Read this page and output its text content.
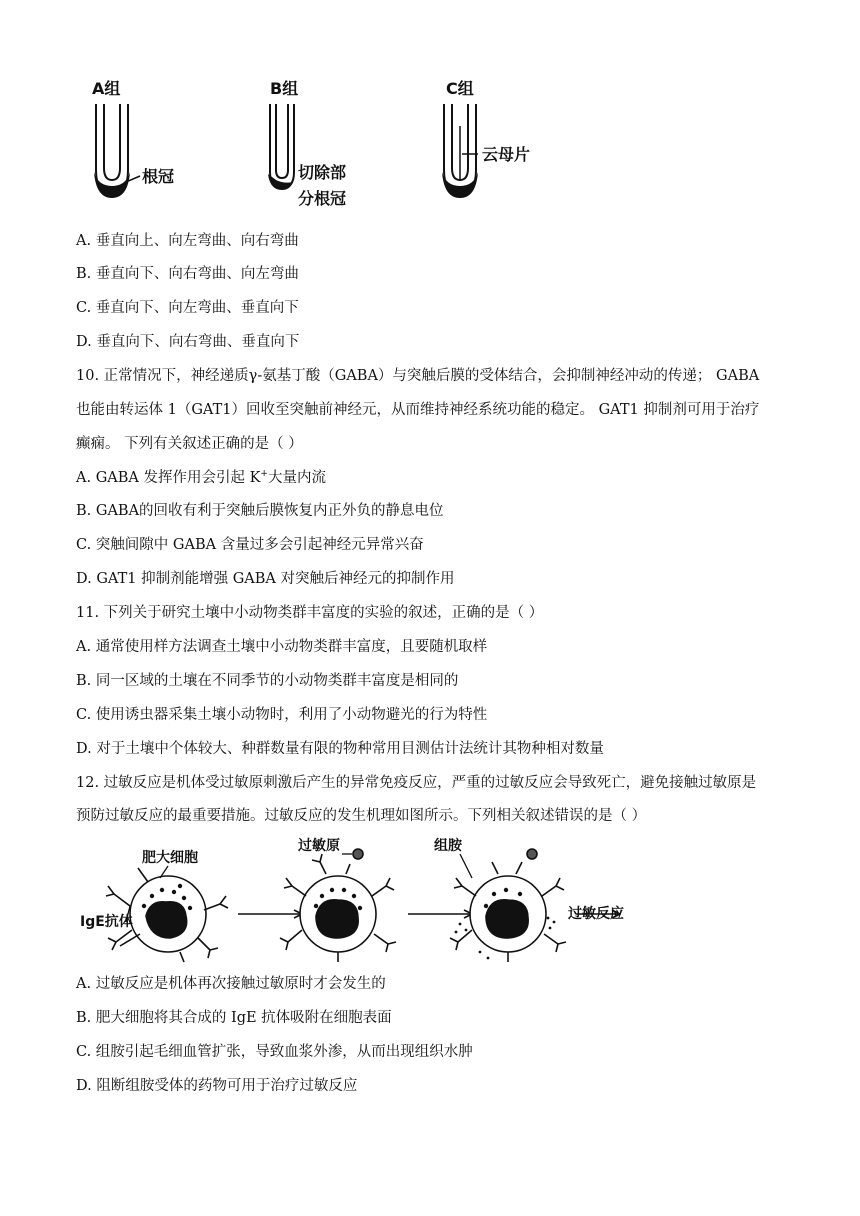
A组
根冠
B组
切除部
分根冠
C组
云母片
A. 垂直向上、向左弯曲、向右弯曲
B. 垂直向下、向右弯曲、向左弯曲
C. 垂直向下、向左弯曲、垂直向下
D. 垂直向下、向右弯曲、垂直向下
10. 正常情况下，神经递质γ-氨基丁酸（GABA）与突触后膜的受体结合，会抑制神经冲动的传递； GABA
也能由转运体 1（GAT1）回收至突触前神经元，从而维持神经系统功能的稳定。 GAT1 抑制剂可用于治疗
癫痫。 下列有关叙述正确的是（ ）
A. GABA 发挥作用会引起 K+大量内流
B. GABA的回收有利于突触后膜恢复内正外负的静息电位
C. 突触间隙中 GABA 含量过多会引起神经元异常兴奋
D. GAT1 抑制剂能增强 GABA 对突触后神经元的抑制作用
11. 下列关于研究土壤中小动物类群丰富度的实验的叙述，正确的是（ ）
A. 通常使用样方法调查土壤中小动物类群丰富度，且要随机取样
B. 同一区域的土壤在不同季节的小动物类群丰富度是相同的
C. 使用诱虫器采集土壤小动物时，利用了小动物避光的行为特性
D. 对于土壤中个体较大、种群数量有限的物种常用目测估计法统计其物种相对数量
12. 过敏反应是机体受过敏原刺激后产生的异常免疫反应，严重的过敏反应会导致死亡，避免接触过敏原是
预防过敏反应的最重要措施。过敏反应的发生机理如图所示。下列相关叙述错误的是（ ）
肥大细胞
IgE抗体
过敏原	组胺
过敏反应
A. 过敏反应是机体再次接触过敏原时才会发生的
B. 肥大细胞将其合成的 IgE 抗体吸附在细胞表面
C. 组胺引起毛细血管扩张，导致血浆外渗，从而出现组织水肿
D. 阻断组胺受体的药物可用于治疗过敏反应
